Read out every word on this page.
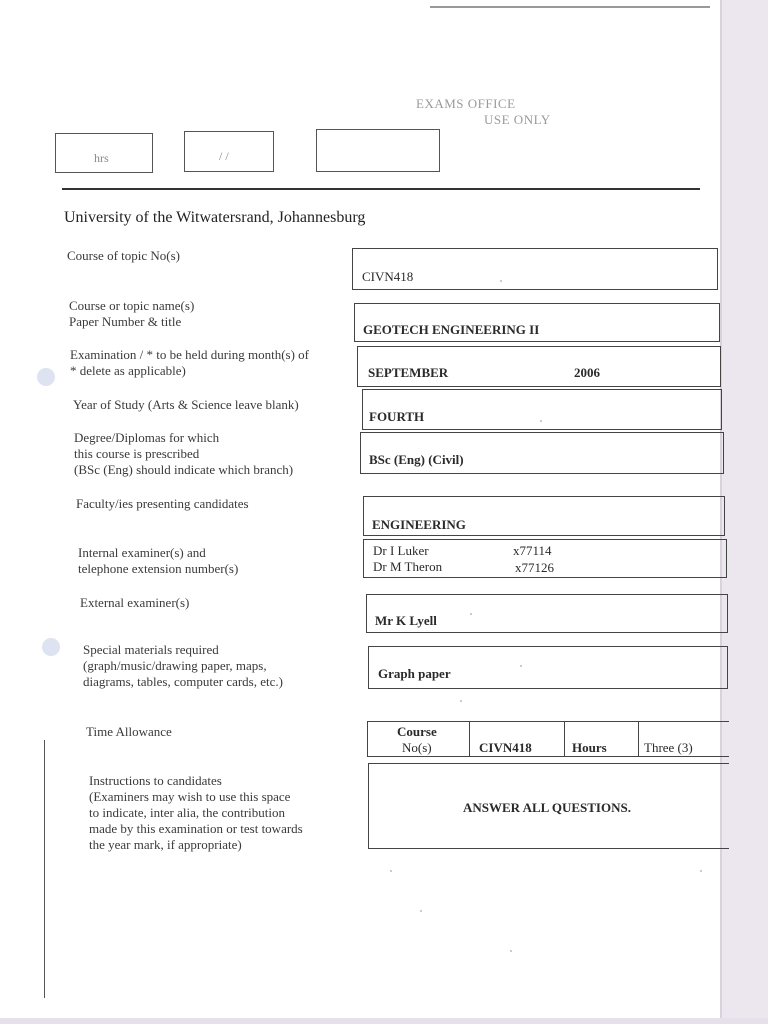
EXAMS OFFICE
USE ONLY
hrs	/ /
University of the Witwatersrand, Johannesburg
Course of topic No(s)
CIVN418
Course or topic name(s)
Paper Number & title
GEOTECH ENGINEERING II
Examination / * to be held during month(s) of
* delete as applicable)	SEPTEMBER	2006
Year of Study (Arts & Science leave blank)
FOURTH
Degree/Diplomas for which
this course is prescribed
(BSc (Eng) should indicate which branch)
BSc (Eng) (Civil)
Faculty/ies presenting candidates
ENGINEERING
Internal examiner(s) and
telephone extension number(s)
Dr I Luker	x77114
Dr M Theron	x77126
External examiner(s)
Mr K Lyell
Special materials required
(graph/music/drawing paper, maps,
diagrams, tables, computer cards, etc.)
Graph paper
Time Allowance	Course
No(s)	CIVN418	Hours	Three (3)
Instructions to candidates
(Examiners may wish to use this space
to indicate, inter alia, the contribution
made by this examination or test towards
the year mark, if appropriate)
ANSWER ALL QUESTIONS.
